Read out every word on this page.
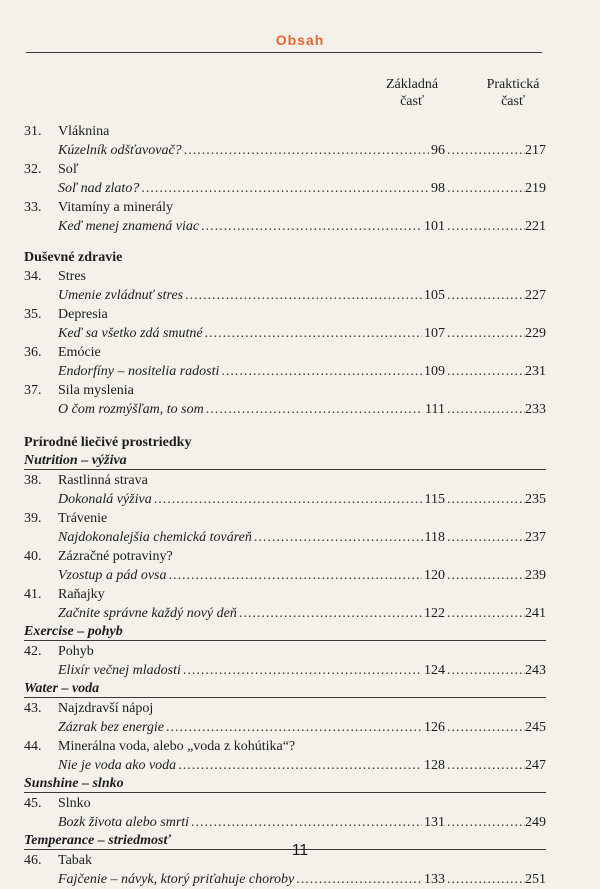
Obsah
Základná
časť
Praktická
časť
31.	Vláknina
Kúzelník odšťavovač? .....	96 .....	217
32.	Soľ
Soľ nad zlato? .....	98 .....	219
33.	Vitamíny a minerály
Keď menej znamená viac .....	101 .....	221
Duševné zdravie
34.	Stres
Umenie zvládnuť stres .....	105 .....	227
35.	Depresia
Keď sa všetko zdá smutné .....	107 .....	229
36.	Emócie
Endorfíny – nositelia radosti .....	109 .....	231
37.	Sila myslenia
O čom rozmýšľam, to som .....	111 .....	233
Prírodné liečivé prostriedky
Nutrition – výživa
38.	Rastlinná strava
Dokonalá výživa .....	115 .....	235
39.	Trávenie
Najdokonalejšia chemická továreň .....	118 .....	237
40.	Zázračné potraviny?
Vzostup a pád ovsa .....	120 .....	239
41.	Raňajky
Začnite správne každý nový deň .....	122 .....	241
Exercise – pohyb
42.	Pohyb
Elixír večnej mladosti .....	124 .....	243
Water – voda
43.	Najzdravší nápoj
Zázrak bez energie .....	126 .....	245
44.	Minerálna voda, alebo „voda z kohútika“?
Nie je voda ako voda .....	128 .....	247
Sunshine – slnko
45.	Slnko
Bozk života alebo smrti .....	131 .....	249
Temperance – striedmosť
46.	Tabak
Fajčenie – návyk, ktorý priťahuje choroby .....	133 .....	251
11
